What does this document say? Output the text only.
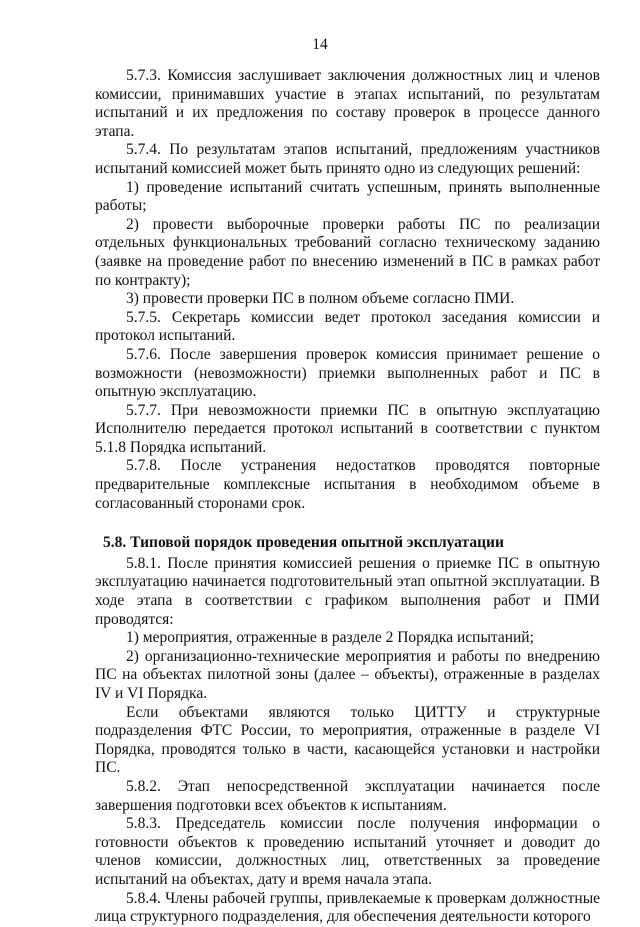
14

5.7.3. Комиссия заслушивает заключения должностных лиц и членов комиссии, принимавших участие в этапах испытаний, по результатам испытаний и их предложения по составу проверок в процессе данного этапа.

5.7.4. По результатам этапов испытаний, предложениям участников испытаний комиссией может быть принято одно из следующих решений:

1) проведение испытаний считать успешным, принять выполненные работы;

2) провести выборочные проверки работы ПС по реализации отдельных функциональных требований согласно техническому заданию (заявке на проведение работ по внесению изменений в ПС в рамках работ по контракту);

3) провести проверки ПС в полном объеме согласно ПМИ.

5.7.5. Секретарь комиссии ведет протокол заседания комиссии и протокол испытаний.

5.7.6. После завершения проверок комиссия принимает решение о возможности (невозможности) приемки выполненных работ и ПС в опытную эксплуатацию.

5.7.7. При невозможности приемки ПС в опытную эксплуатацию Исполнителю передается протокол испытаний в соответствии с пунктом 5.1.8 Порядка испытаний.

5.7.8. После устранения недостатков проводятся повторные предварительные комплексные испытания в необходимом объеме в согласованный сторонами срок.

5.8. Типовой порядок проведения опытной эксплуатации

5.8.1. После принятия комиссией решения о приемке ПС в опытную эксплуатацию начинается подготовительный этап опытной эксплуатации. В ходе этапа в соответствии с графиком выполнения работ и ПМИ проводятся:

1) мероприятия, отраженные в разделе 2 Порядка испытаний;

2) организационно-технические мероприятия и работы по внедрению ПС на объектах пилотной зоны (далее – объекты), отраженные в разделах IV и VI Порядка.

Если объектами являются только ЦИТТУ и структурные подразделения ФТС России, то мероприятия, отраженные в разделе VI Порядка, проводятся только в части, касающейся установки и настройки ПС.

5.8.2. Этап непосредственной эксплуатации начинается после завершения подготовки всех объектов к испытаниям.

5.8.3. Председатель комиссии после получения информации о готовности объектов к проведению испытаний уточняет и доводит до членов комиссии, должностных лиц, ответственных за проведение испытаний на объектах, дату и время начала этапа.

5.8.4. Члены рабочей группы, привлекаемые к проверкам должностные лица структурного подразделения, для обеспечения деятельности которого
